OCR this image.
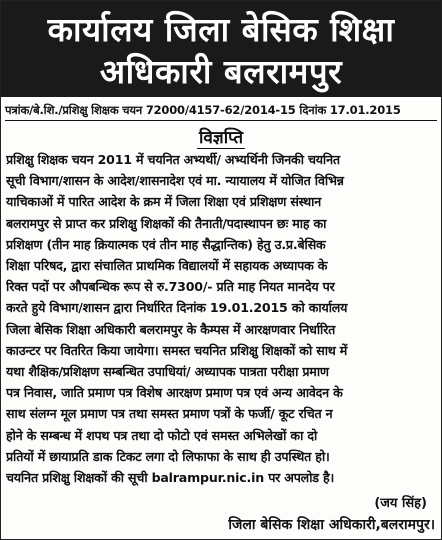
कार्यालय जिला बेसिक शिक्षा
अधिकारी बलरामपुर
पत्रांक/बे.शि./प्रशिक्षु शिक्षक चयन 72000/4157-62/2014-15 दिनांक 17.01.2015
विज्ञप्ति
प्रशिक्षु शिक्षक चयन 2011 में चयनित अभ्यर्थी/ अभ्यर्थिनी जिनकी चयनित
सूची विभाग/शासन के आदेश/शासनादेश एवं मा. न्यायालय में योजित विभिन्न
याचिकाओं में पारित आदेश के क्रम में जिला शिक्षा एवं प्रशिक्षण संस्थान
बलरामपुर से प्राप्त कर प्रशिक्षु शिक्षकों की तैनाती/पदास्थापन छः माह का
प्रशिक्षण (तीन माह क्रियात्मक एवं तीन माह सैद्धान्तिक) हेतु उ.प्र.बेसिक
शिक्षा परिषद, द्वारा संचालित प्राथमिक विद्यालयों में सहायक अध्यापक के
रिक्त पदों पर औपबन्धिक रूप से रु.7300/- प्रति माह नियत मानदेय पर
करते हुये विभाग/शासन द्वारा निर्धारित दिनांक 19.01.2015 को कार्यालय
जिला बेसिक शिक्षा अधिकारी बलरामपुर के कैम्पस में आरक्षणवार निर्धारित
काउन्टर पर वितरित किया जायेगा। समस्त चयनित प्रशिक्षु शिक्षकों को साथ में
यथा शैक्षिक/प्रशिक्षण सम्बन्धित उपाधियां/ अध्यापक पात्रता परीक्षा प्रमाण
पत्र निवास, जाति प्रमाण पत्र विशेष आरक्षण प्रमाण पत्र एवं अन्य आवेदन के
साथ संलग्न मूल प्रमाण पत्र तथा समस्त प्रमाण पत्रों के फर्जी/ कूट रचित न
होने के सम्बन्ध में शपथ पत्र तथा दो फोटो एवं समस्त अभिलेखों का दो
प्रतियों में छायाप्रति डाक टिकट लगा दो लिफाफा के साथ ही उपस्थित हो।
चयनित प्रशिक्षु शिक्षकों की सूची balrampur.nic.in पर अपलोड है।
(जय सिंह)
जिला बेसिक शिक्षा अधिकारी,बलरामपुर।
